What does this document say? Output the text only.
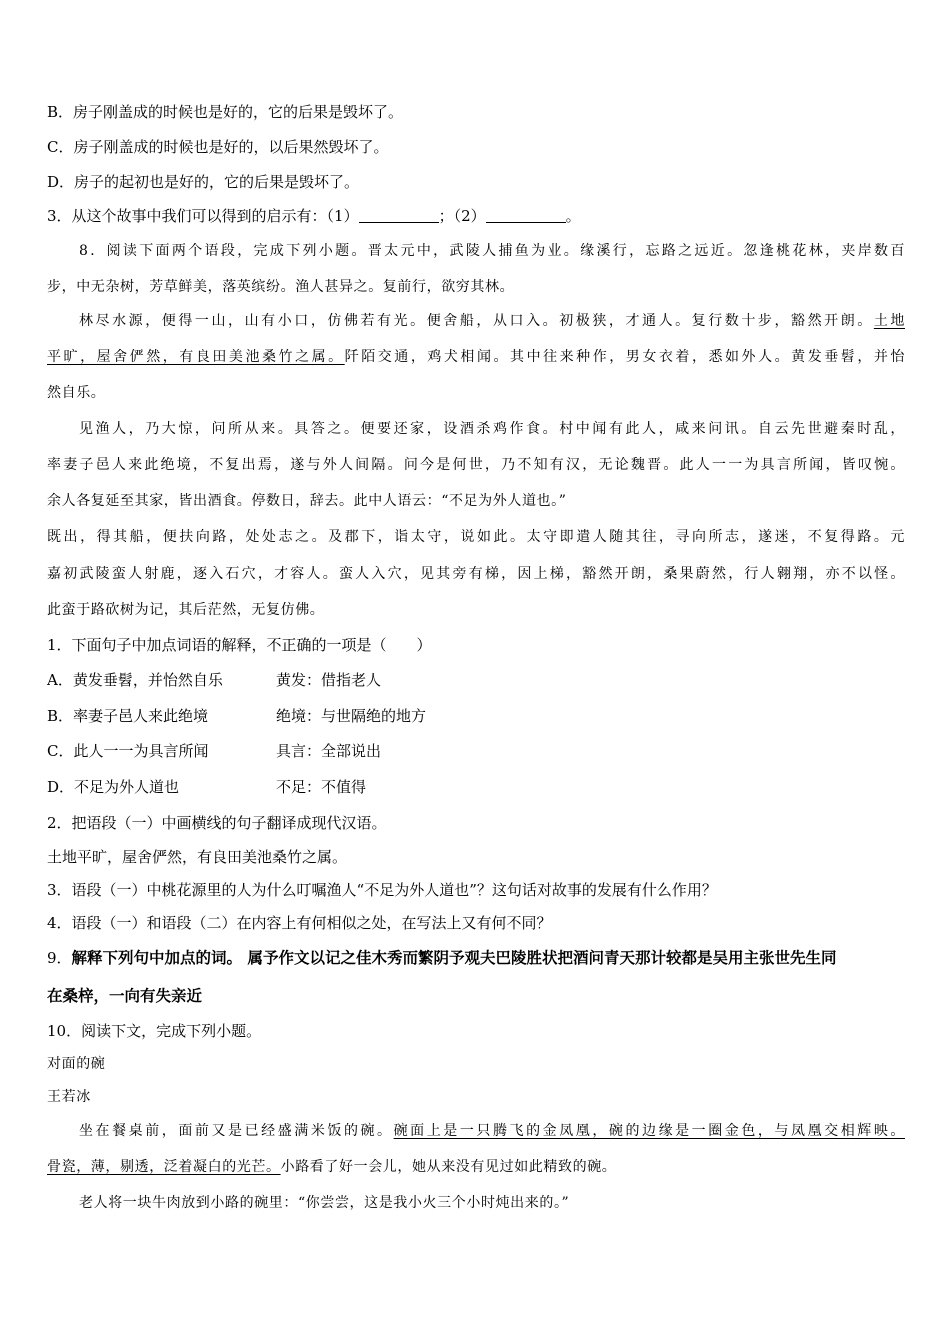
B．房子刚盖成的时候也是好的，它的后果是毁坏了。
C．房子刚盖成的时候也是好的，以后果然毁坏了。
D．房子的起初也是好的，它的后果是毁坏了。
3．从这个故事中我们可以得到的启示有：（1）	；（2）	。
8．阅读下面两个语段，完成下列小题。晋太元中，武陵人捕鱼为业。缘溪行，忘路之远近。忽逢桃花林，夹岸数百
步，中无杂树，芳草鲜美，落英缤纷。渔人甚异之。复前行，欲穷其林。
林尽水源，便得一山，山有小口，仿佛若有光。便舍船，从口入。初极狭，才通人。复行数十步，豁然开朗。土地
平旷，屋舍俨然，有良田美池桑竹之属。阡陌交通，鸡犬相闻。其中往来种作，男女衣着，悉如外人。黄发垂髫，并怡
然自乐。
见渔人，乃大惊，问所从来。具答之。便要还家，设酒杀鸡作食。村中闻有此人，咸来问讯。自云先世避秦时乱，
率妻子邑人来此绝境，不复出焉，遂与外人间隔。问今是何世，乃不知有汉，无论魏晋。此人一一为具言所闻，皆叹惋。
余人各复延至其家，皆出酒食。停数日，辞去。此中人语云：“不足为外人道也。”
既出，得其船，便扶向路，处处志之。及郡下，诣太守，说如此。太守即遣人随其往，寻向所志，遂迷，不复得路。元
嘉初武陵蛮人射鹿，逐入石穴，才容人。蛮人入穴，见其旁有梯，因上梯，豁然开朗，桑果蔚然，行人翱翔，亦不以怪。
此蛮于路砍树为记，其后茫然，无复仿佛。
1．下面句子中加点词语的解释，不正确的一项是（　　）
A．黄发垂髫，并怡然自乐	黄发：借指老人
B．率妻子邑人来此绝境	绝境：与世隔绝的地方
C．此人一一为具言所闻	具言：全部说出
D．不足为外人道也	不足：不值得
2．把语段（一）中画横线的句子翻译成现代汉语。
土地平旷，屋舍俨然，有良田美池桑竹之属。
3．语段（一）中桃花源里的人为什么叮嘱渔人“不足为外人道也”？这句话对故事的发展有什么作用？
4．语段（一）和语段（二）在内容上有何相似之处，在写法上又有何不同？
9．解释下列句中加点的词。 属予作文以记之佳木秀而繁阴予观夫巴陵胜状把酒问青天那计较都是吴用主张世先生同
在桑梓，一向有失亲近
10．阅读下文，完成下列小题。
对面的碗
王若冰
坐在餐桌前，面前又是已经盛满米饭的碗。碗面上是一只腾飞的金凤凰，碗的边缘是一圈金色，与凤凰交相辉映。
骨瓷，薄，剔透，泛着凝白的光芒。小路看了好一会儿，她从来没有见过如此精致的碗。
老人将一块牛肉放到小路的碗里：“你尝尝，这是我小火三个小时炖出来的。”
